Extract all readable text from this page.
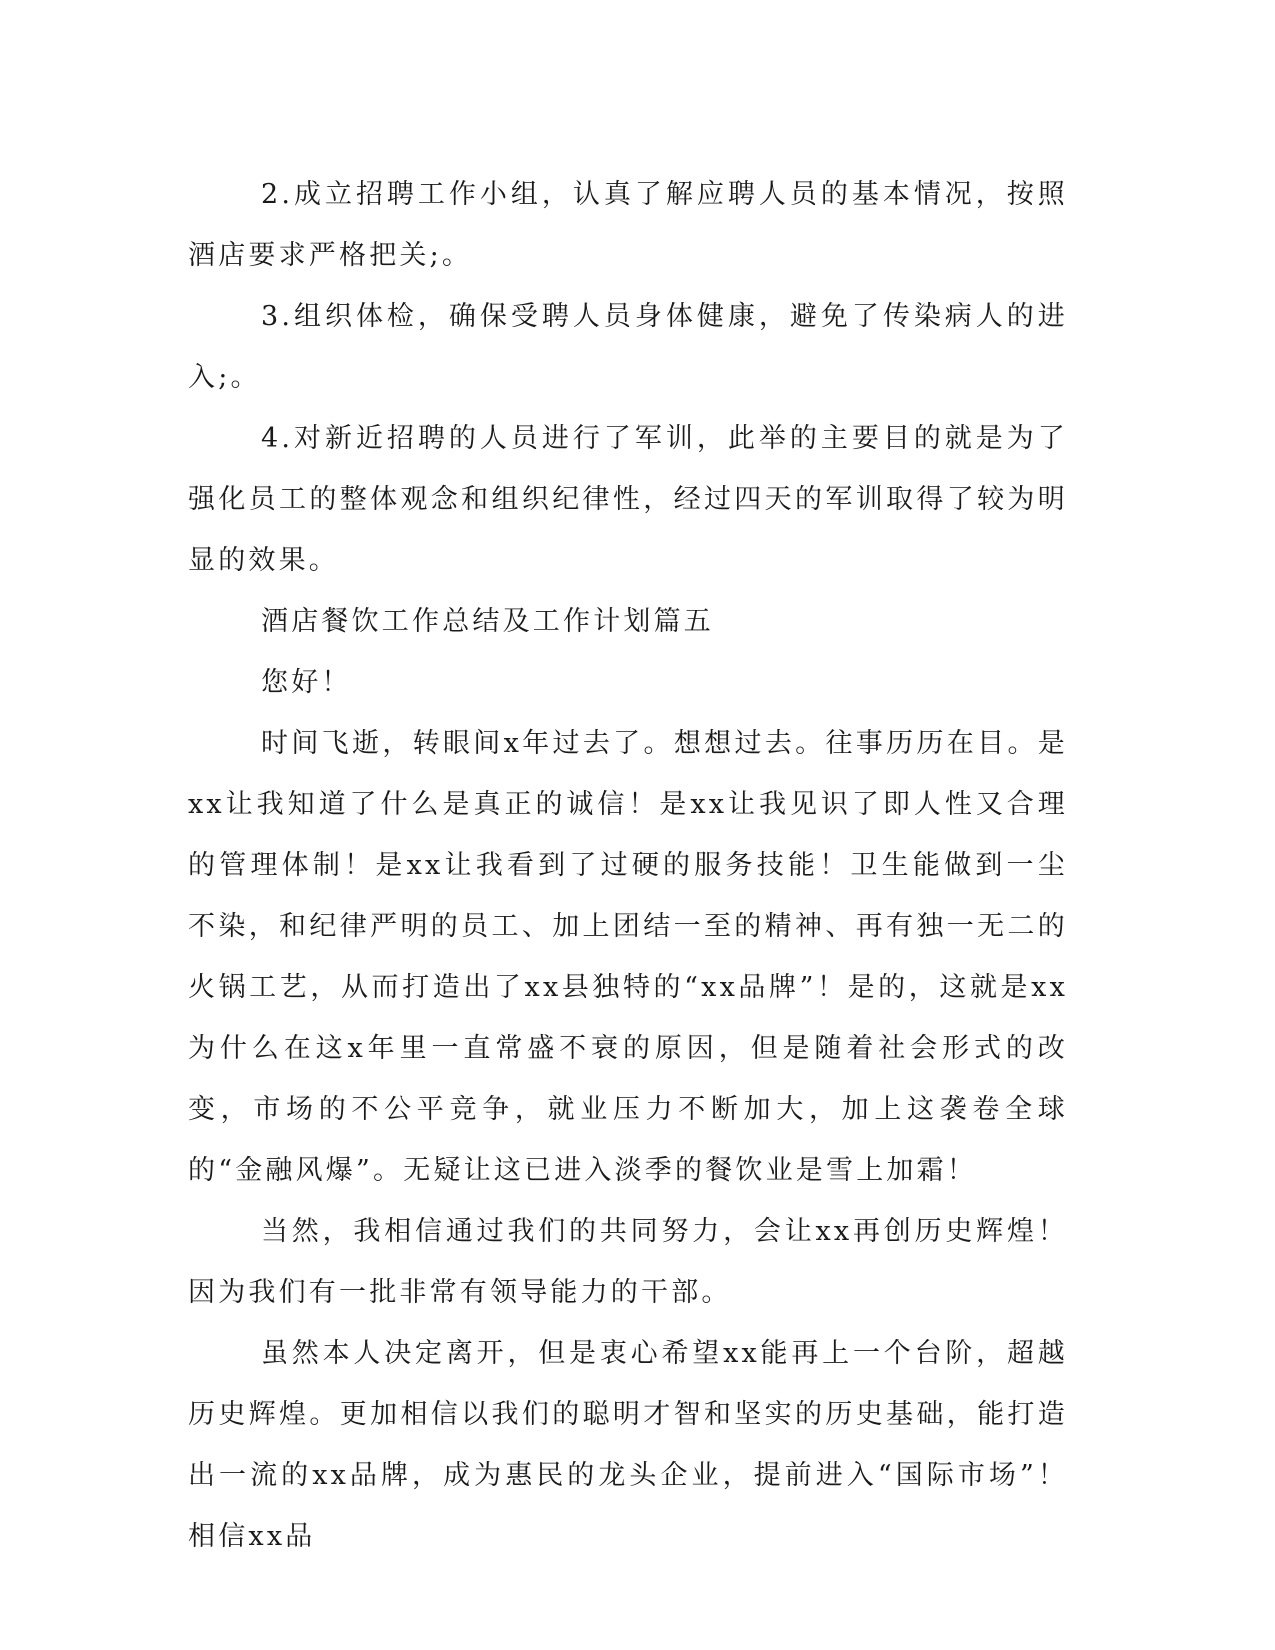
2.成立招聘工作小组，认真了解应聘人员的基本情况，按照酒店要求严格把关;。

3.组织体检，确保受聘人员身体健康，避免了传染病人的进入;。

4.对新近招聘的人员进行了军训，此举的主要目的就是为了强化员工的整体观念和组织纪律性，经过四天的军训取得了较为明显的效果。

酒店餐饮工作总结及工作计划篇五

您好！

时间飞逝，转眼间x年过去了。想想过去。往事历历在目。是xx让我知道了什么是真正的诚信！是xx让我见识了即人性又合理的管理体制！是xx让我看到了过硬的服务技能！卫生能做到一尘不染，和纪律严明的员工、加上团结一至的精神、再有独一无二的火锅工艺，从而打造出了xx县独特的“xx品牌”！是的，这就是xx为什么在这x年里一直常盛不衰的原因，但是随着社会形式的改变，市场的不公平竞争，就业压力不断加大，加上这袭卷全球的“金融风爆”。无疑让这已进入淡季的餐饮业是雪上加霜！

当然，我相信通过我们的共同努力，会让xx再创历史辉煌！因为我们有一批非常有领导能力的干部。

虽然本人决定离开，但是衷心希望xx能再上一个台阶，超越历史辉煌。更加相信以我们的聪明才智和坚实的历史基础，能打造出一流的xx品牌，成为惠民的龙头企业，提前进入“国际市场”！相信xx品
